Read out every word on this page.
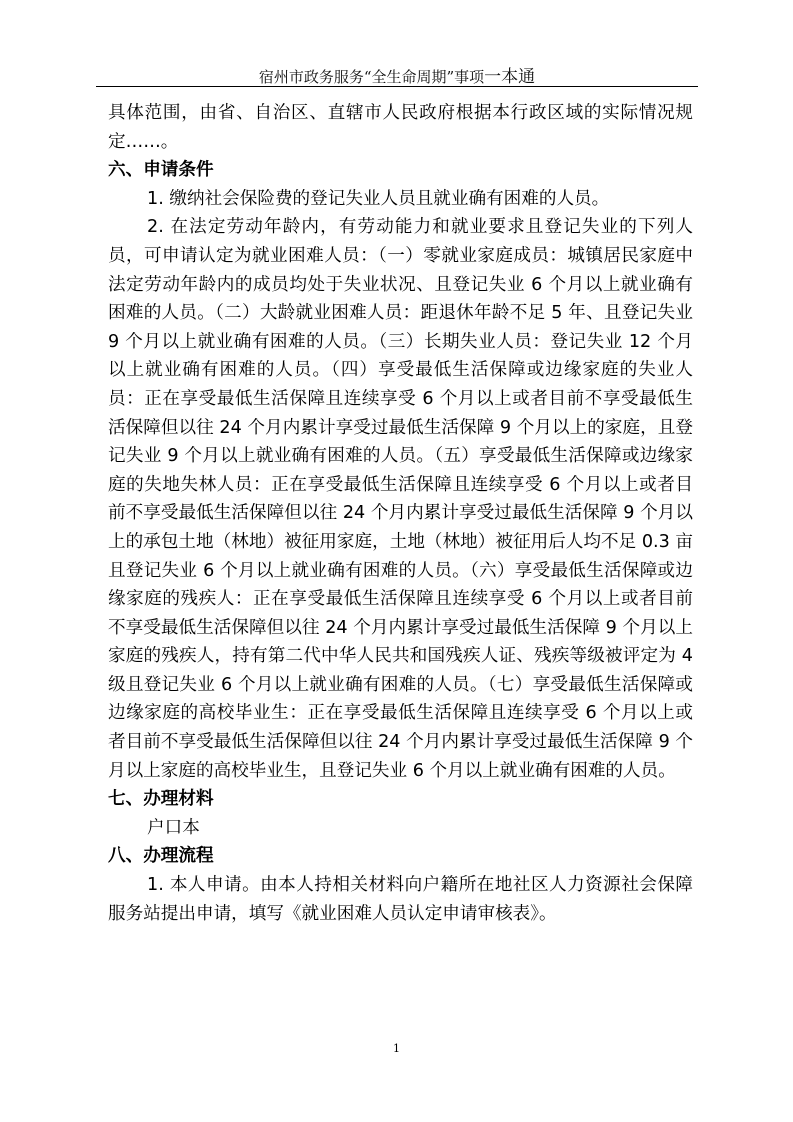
宿州市政务服务“全生命周期”事项一本通

具体范围，由省、自治区、直辖市人民政府根据本行政区域的实际情况规定……。

六、申请条件

1. 缴纳社会保险费的登记失业人员且就业确有困难的人员。

2. 在法定劳动年龄内，有劳动能力和就业要求且登记失业的下列人员，可申请认定为就业困难人员：（一）零就业家庭成员：城镇居民家庭中法定劳动年龄内的成员均处于失业状况、且登记失业 6 个月以上就业确有困难的人员。（二）大龄就业困难人员：距退休年龄不足 5 年、且登记失业 9 个月以上就业确有困难的人员。（三）长期失业人员：登记失业 12 个月以上就业确有困难的人员。（四）享受最低生活保障或边缘家庭的失业人员：正在享受最低生活保障且连续享受 6 个月以上或者目前不享受最低生活保障但以往 24 个月内累计享受过最低生活保障 9 个月以上的家庭，且登记失业 9 个月以上就业确有困难的人员。（五）享受最低生活保障或边缘家庭的失地失林人员：正在享受最低生活保障且连续享受 6 个月以上或者目前不享受最低生活保障但以往 24 个月内累计享受过最低生活保障 9 个月以上的承包土地（林地）被征用家庭，土地（林地）被征用后人均不足 0.3 亩且登记失业 6 个月以上就业确有困难的人员。（六）享受最低生活保障或边缘家庭的残疾人：正在享受最低生活保障且连续享受 6 个月以上或者目前不享受最低生活保障但以往 24 个月内累计享受过最低生活保障 9 个月以上家庭的残疾人，持有第二代中华人民共和国残疾人证、残疾等级被评定为 4 级且登记失业 6 个月以上就业确有困难的人员。（七）享受最低生活保障或边缘家庭的高校毕业生：正在享受最低生活保障且连续享受 6 个月以上或者目前不享受最低生活保障但以往 24 个月内累计享受过最低生活保障 9 个月以上家庭的高校毕业生，且登记失业 6 个月以上就业确有困难的人员。

七、办理材料

户口本

八、办理流程

1. 本人申请。由本人持相关材料向户籍所在地社区人力资源社会保障服务站提出申请，填写《就业困难人员认定申请审核表》。

1
